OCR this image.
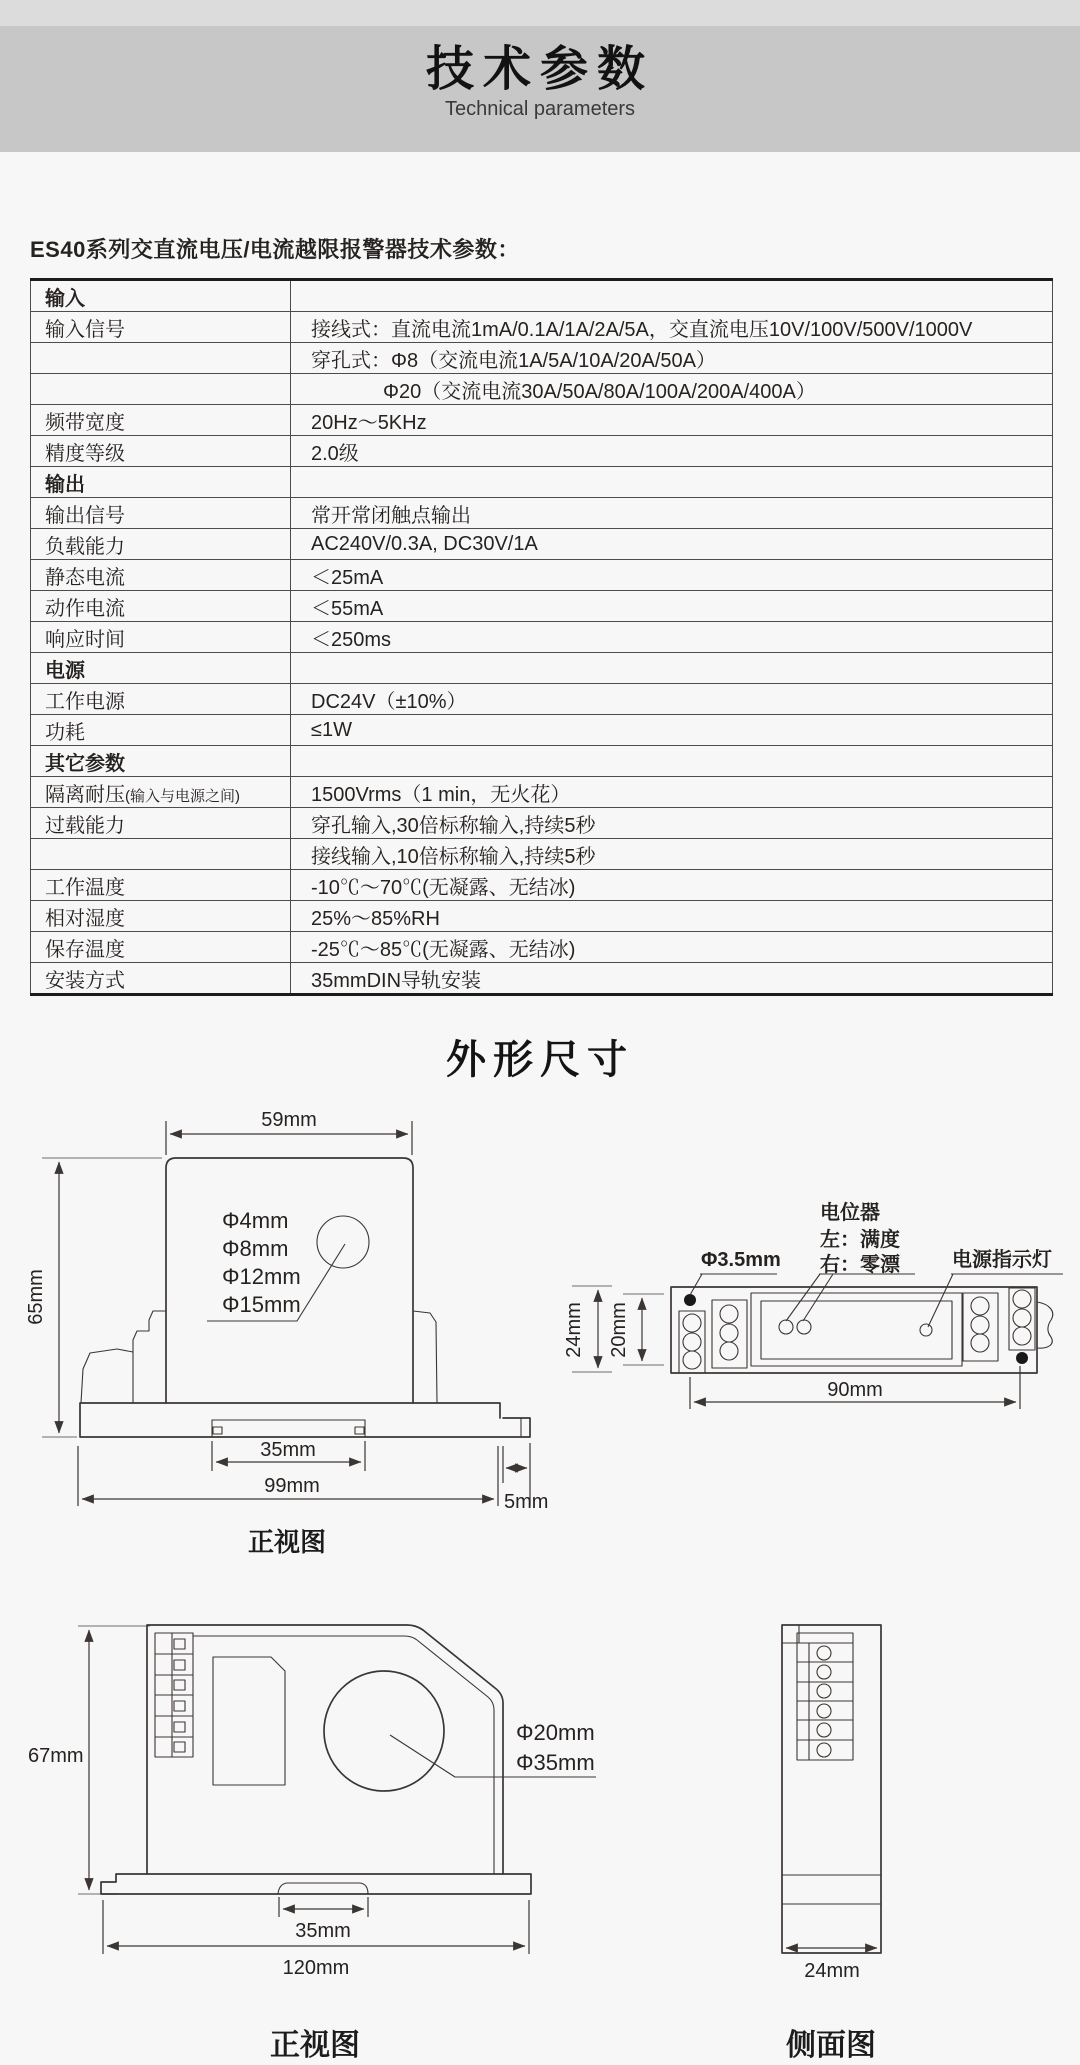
技术参数
Technical parameters
ES40系列交直流电压/电流越限报警器技术参数：
输入	
输入信号	接线式：直流电流1mA/0.1A/1A/2A/5A，交直流电压10V/100V/500V/1000V
	穿孔式：Φ8（交流电流1A/5A/10A/20A/50A）
	Φ20（交流电流30A/50A/80A/100A/200A/400A）
频带宽度	20Hz～5KHz
精度等级	2.0级
输出	
输出信号	常开常闭触点输出
负载能力	AC240V/0.3A, DC30V/1A
静态电流	＜25mA
动作电流	＜55mA
响应时间	＜250ms
电源	
工作电源	DC24V（±10%）
功耗	≤1W
其它参数	
隔离耐压(输入与电源之间)	1500Vrms（1 min，无火花）
过载能力	穿孔输入,30倍标称输入,持续5秒
	接线输入,10倍标称输入,持续5秒
工作温度	-10℃～70℃(无凝露、无结冰)
相对湿度	25%～85%RH
保存温度	-25℃～85℃(无凝露、无结冰)
安装方式	35mmDIN导轨安装
外形尺寸
59mm
Φ4mm
Φ8mm
Φ12mm
Φ15mm
65mm
35mm
99mm
5mm
正视图
电位器
左：满度
右：零漂
Φ3.5mm	电源指示灯
24mm 20mm
90mm
67mm
Φ20mm
Φ35mm
35mm
120mm
正视图
24mm
侧面图
